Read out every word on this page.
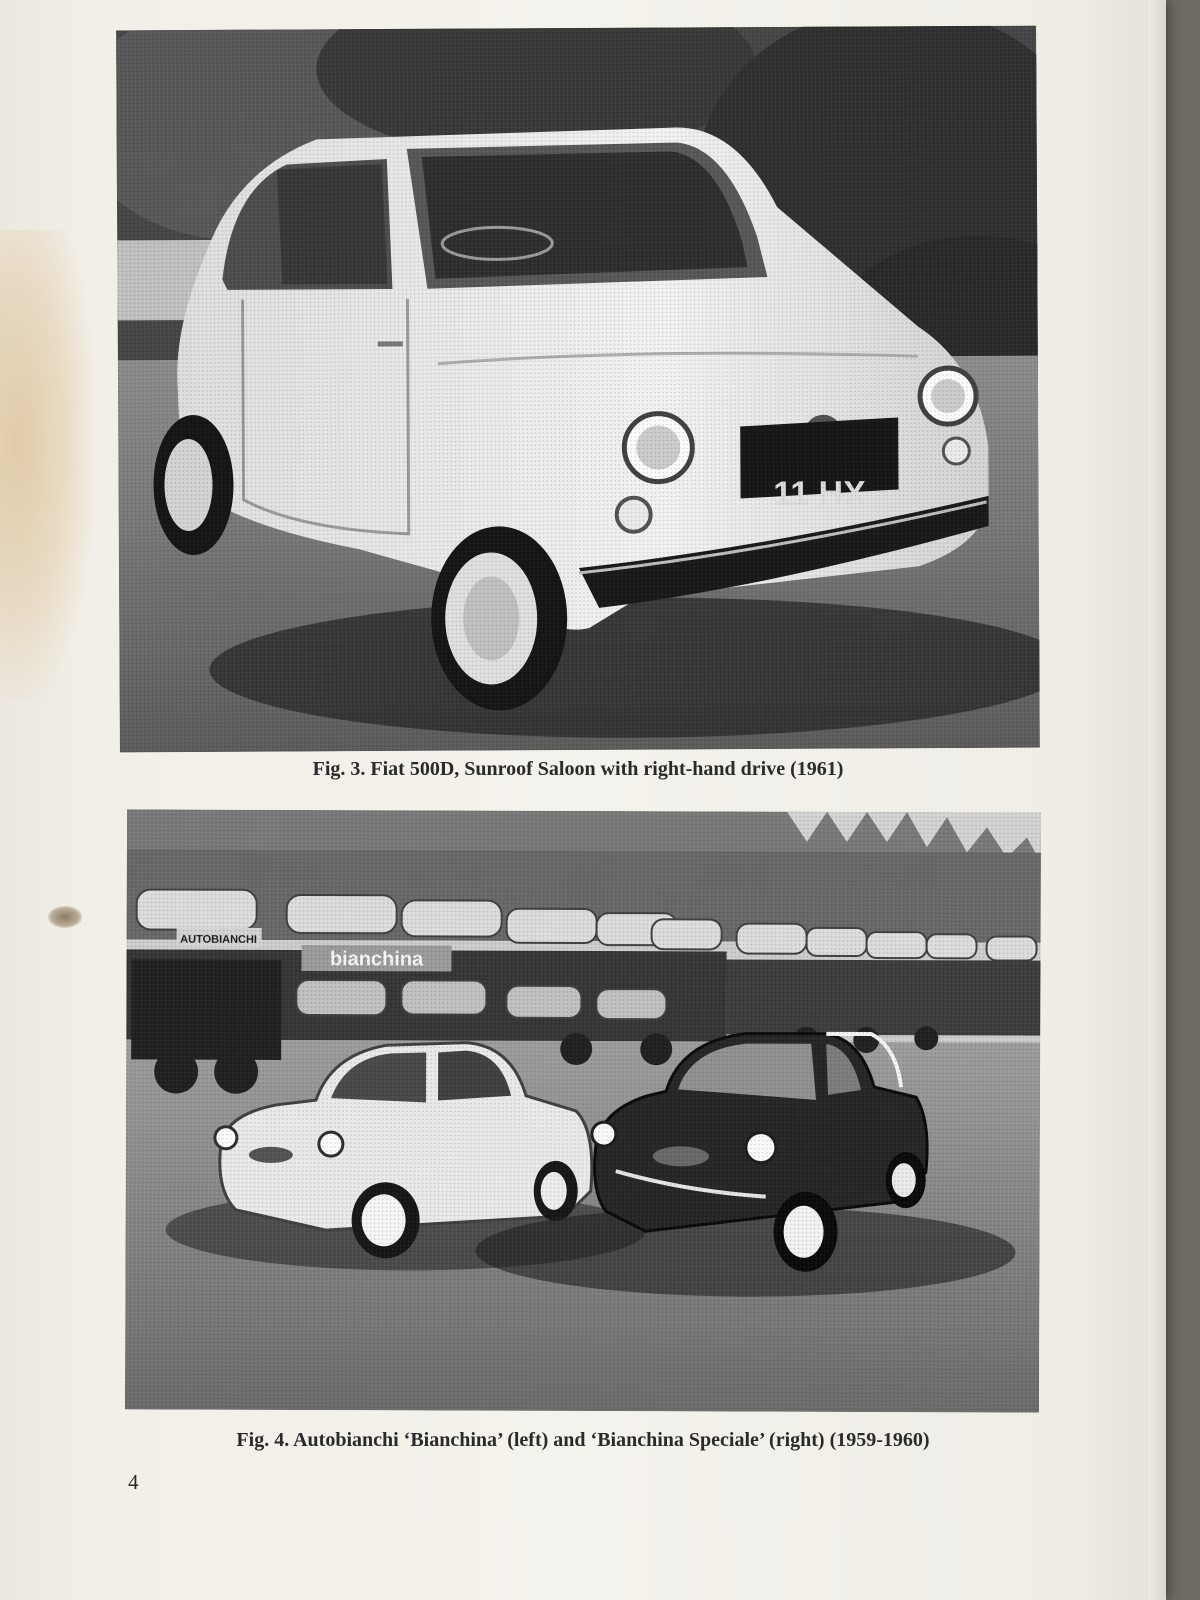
Fig. 3. Fiat 500D, Sunroof Saloon with right-hand drive (1961)

Fig. 4. Autobianchi ‘Bianchina’ (left) and ‘Bianchina Speciale’ (right) (1959-1960)

4
